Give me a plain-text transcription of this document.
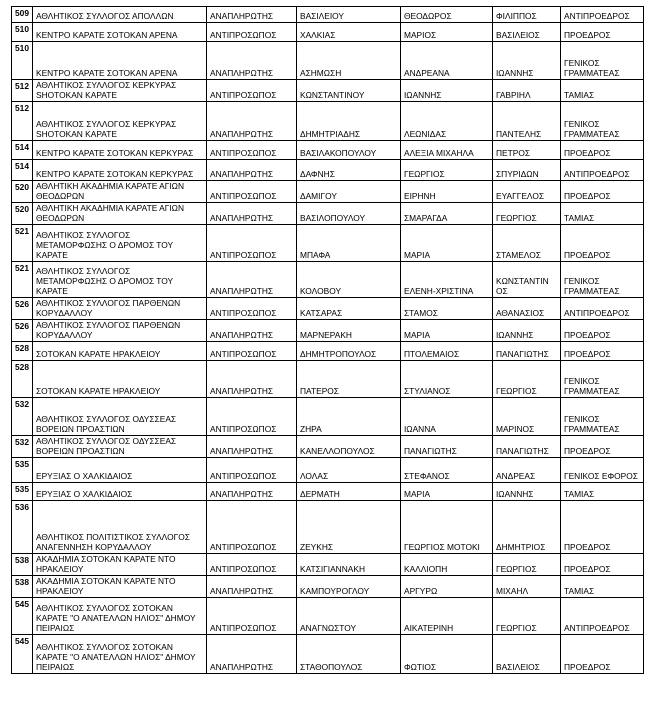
509	ΑΘΛΗΤΙΚΟΣ ΣΥΛΛΟΓΟΣ ΑΠΟΛΛΩΝ	ΑΝΑΠΛΗΡΩΤΗΣ	ΒΑΣΙΛΕΙΟΥ	ΘΕΟΔΩΡΟΣ	ΦΙΛΙΠΠΟΣ	ΑΝΤΙΠΡΟΕΔΡΟΣ
510	ΚΕΝΤΡΟ ΚΑΡΑΤΕ ΣΟΤΟΚΑΝ ΑΡΕΝΑ	ΑΝΤΙΠΡΟΣΩΠΟΣ	ΧΑΛΚΙΑΣ	ΜΑΡΙΟΣ	ΒΑΣΙΛΕΙΟΣ	ΠΡΟΕΔΡΟΣ
510	ΚΕΝΤΡΟ ΚΑΡΑΤΕ ΣΟΤΟΚΑΝ ΑΡΕΝΑ	ΑΝΑΠΛΗΡΩΤΗΣ	ΑΣΗΜΩΣΗ	ΑΝΔΡΕΑΝΑ	ΙΩΑΝΝΗΣ	ΓΕΝΙΚΟΣ ΓΡΑΜΜΑΤΕΑΣ
512	ΑΘΛΗΤΙΚΟΣ ΣΥΛΛΟΓΟΣ ΚΕΡΚΥΡΑΣ SHOTOKAN ΚΑΡΑΤΕ	ΑΝΤΙΠΡΟΣΩΠΟΣ	ΚΩΝΣΤΑΝΤΙΝΟΥ	ΙΩΑΝΝΗΣ	ΓΑΒΡΙΗΛ	ΤΑΜΙΑΣ
512	ΑΘΛΗΤΙΚΟΣ ΣΥΛΛΟΓΟΣ ΚΕΡΚΥΡΑΣ SHOTOKAN ΚΑΡΑΤΕ	ΑΝΑΠΛΗΡΩΤΗΣ	ΔΗΜΗΤΡΙΑΔΗΣ	ΛΕΩΝΙΔΑΣ	ΠΑΝΤΕΛΗΣ	ΓΕΝΙΚΟΣ ΓΡΑΜΜΑΤΕΑΣ
514	ΚΕΝΤΡΟ ΚΑΡΑΤΕ ΣΟΤΟΚΑΝ ΚΕΡΚΥΡΑΣ	ΑΝΤΙΠΡΟΣΩΠΟΣ	ΒΑΣΙΛΑΚΟΠΟΥΛΟΥ	ΑΛΕΞΙΑ ΜΙΧΑΗΛΑ	ΠΕΤΡΟΣ	ΠΡΟΕΔΡΟΣ
514	ΚΕΝΤΡΟ ΚΑΡΑΤΕ ΣΟΤΟΚΑΝ ΚΕΡΚΥΡΑΣ	ΑΝΑΠΛΗΡΩΤΗΣ	ΔΑΦΝΗΣ	ΓΕΩΡΓΙΟΣ	ΣΠΥΡΙΔΩΝ	ΑΝΤΙΠΡΟΕΔΡΟΣ
520	ΑΘΛΗΤΙΚΗ ΑΚΑΔΗΜΙΑ ΚΑΡΑΤΕ ΑΓΙΩΝ ΘΕΟΔΩΡΩΝ	ΑΝΤΙΠΡΟΣΩΠΟΣ	ΔΑΜΙΓΟΥ	ΕΙΡΗΝΗ	ΕΥΑΓΓΕΛΟΣ	ΠΡΟΕΔΡΟΣ
520	ΑΘΛΗΤΙΚΗ ΑΚΑΔΗΜΙΑ ΚΑΡΑΤΕ ΑΓΙΩΝ ΘΕΟΔΩΡΩΝ	ΑΝΑΠΛΗΡΩΤΗΣ	ΒΑΣΙΛΟΠΟΥΛΟΥ	ΣΜΑΡΑΓΔΑ	ΓΕΩΡΓΙΟΣ	ΤΑΜΙΑΣ
521	ΑΘΛΗΤΙΚΟΣ ΣΥΛΛΟΓΟΣ ΜΕΤΑΜΟΡΦΩΣΗΣ Ο ΔΡΟΜΟΣ ΤΟΥ ΚΑΡΑΤΕ	ΑΝΤΙΠΡΟΣΩΠΟΣ	ΜΠΑΦΑ	ΜΑΡΙΑ	ΣΤΑΜΕΛΟΣ	ΠΡΟΕΔΡΟΣ
521	ΑΘΛΗΤΙΚΟΣ ΣΥΛΛΟΓΟΣ ΜΕΤΑΜΟΡΦΩΣΗΣ Ο ΔΡΟΜΟΣ ΤΟΥ ΚΑΡΑΤΕ	ΑΝΑΠΛΗΡΩΤΗΣ	ΚΟΛΟΒΟΥ	ΕΛΕΝΗ-ΧΡΙΣΤΙΝΑ	ΚΩΝΣΤΑΝΤΙΝ ΟΣ	ΓΕΝΙΚΟΣ ΓΡΑΜΜΑΤΕΑΣ
526	ΑΘΛΗΤΙΚΟΣ ΣΥΛΛΟΓΟΣ ΠΑΡΘΕΝΩΝ ΚΟΡΥΔΑΛΛΟΥ	ΑΝΤΙΠΡΟΣΩΠΟΣ	ΚΑΤΣΑΡΑΣ	ΣΤΑΜΟΣ	ΑΘΑΝΑΣΙΟΣ	ΑΝΤΙΠΡΟΕΔΡΟΣ
526	ΑΘΛΗΤΙΚΟΣ ΣΥΛΛΟΓΟΣ ΠΑΡΘΕΝΩΝ ΚΟΡΥΔΑΛΛΟΥ	ΑΝΑΠΛΗΡΩΤΗΣ	ΜΑΡΝΕΡΑΚΗ	ΜΑΡΙΑ	ΙΩΑΝΝΗΣ	ΠΡΟΕΔΡΟΣ
528	ΣΟΤΟΚΑΝ ΚΑΡΑΤΕ ΗΡΑΚΛΕΙΟΥ	ΑΝΤΙΠΡΟΣΩΠΟΣ	ΔΗΜΗΤΡΟΠΟΥΛΟΣ	ΠΤΟΛΕΜΑΙΟΣ	ΠΑΝΑΓΙΩΤΗΣ	ΠΡΟΕΔΡΟΣ
528	ΣΟΤΟΚΑΝ ΚΑΡΑΤΕ ΗΡΑΚΛΕΙΟΥ	ΑΝΑΠΛΗΡΩΤΗΣ	ΠΑΤΕΡΟΣ	ΣΤΥΛΙΑΝΟΣ	ΓΕΩΡΓΙΟΣ	ΓΕΝΙΚΟΣ ΓΡΑΜΜΑΤΕΑΣ
532	ΑΘΛΗΤΙΚΟΣ ΣΥΛΛΟΓΟΣ ΟΔΥΣΣΕΑΣ ΒΟΡΕΙΩΝ ΠΡΟΑΣΤΙΩΝ	ΑΝΤΙΠΡΟΣΩΠΟΣ	ΖΗΡΑ	ΙΩΑΝΝΑ	ΜΑΡΙΝΟΣ	ΓΕΝΙΚΟΣ ΓΡΑΜΜΑΤΕΑΣ
532	ΑΘΛΗΤΙΚΟΣ ΣΥΛΛΟΓΟΣ ΟΔΥΣΣΕΑΣ ΒΟΡΕΙΩΝ ΠΡΟΑΣΤΙΩΝ	ΑΝΑΠΛΗΡΩΤΗΣ	ΚΑΝΕΛΛΟΠΟΥΛΟΣ	ΠΑΝΑΓΙΩΤΗΣ	ΠΑΝΑΓΙΩΤΗΣ	ΠΡΟΕΔΡΟΣ
535	ΕΡΥΞΙΑΣ Ο ΧΑΛΚΙΔΑΙΟΣ	ΑΝΤΙΠΡΟΣΩΠΟΣ	ΛΟΛΑΣ	ΣΤΕΦΑΝΟΣ	ΑΝΔΡΕΑΣ	ΓΕΝΙΚΟΣ ΕΦΟΡΟΣ
535	ΕΡΥΞΙΑΣ Ο ΧΑΛΚΙΔΑΙΟΣ	ΑΝΑΠΛΗΡΩΤΗΣ	ΔΕΡΜΑΤΗ	ΜΑΡΙΑ	ΙΩΑΝΝΗΣ	ΤΑΜΙΑΣ
536	ΑΘΛΗΤΙΚΟΣ ΠΟΛΙΤΙΣΤΙΚΟΣ ΣΥΛΛΟΓΟΣ ΑΝΑΓΕΝΝΗΣΗ ΚΟΡΥΔΑΛΛΟΥ	ΑΝΤΙΠΡΟΣΩΠΟΣ	ΖΕΥΚΗΣ	ΓΕΩΡΓΙΟΣ ΜΟΤΟΚΙ	ΔΗΜΗΤΡΙΟΣ	ΠΡΟΕΔΡΟΣ
538	ΑΚΑΔΗΜΙΑ ΣΟΤΟΚΑΝ ΚΑΡΑΤΕ ΝΤΟ ΗΡΑΚΛΕΙΟΥ	ΑΝΤΙΠΡΟΣΩΠΟΣ	ΚΑΤΣΙΓΙΑΝΝΑΚΗ	ΚΑΛΛΙΟΠΗ	ΓΕΩΡΓΙΟΣ	ΠΡΟΕΔΡΟΣ
538	ΑΚΑΔΗΜΙΑ ΣΟΤΟΚΑΝ ΚΑΡΑΤΕ ΝΤΟ ΗΡΑΚΛΕΙΟΥ	ΑΝΑΠΛΗΡΩΤΗΣ	ΚΑΜΠΟΥΡΟΓΛΟΥ	ΑΡΓΥΡΩ	ΜΙΧΑΗΛ	ΤΑΜΙΑΣ
545	ΑΘΛΗΤΙΚΟΣ ΣΥΛΛΟΓΟΣ ΣΟΤΟΚΑΝ ΚΑΡΑΤΕ "Ο ΑΝΑΤΕΛΛΩΝ ΗΛΙΟΣ" ΔΗΜΟΥ ΠΕΙΡΑΙΩΣ	ΑΝΤΙΠΡΟΣΩΠΟΣ	ΑΝΑΓΝΩΣΤΟΥ	ΑΙΚΑΤΕΡΙΝΗ	ΓΕΩΡΓΙΟΣ	ΑΝΤΙΠΡΟΕΔΡΟΣ
545	ΑΘΛΗΤΙΚΟΣ ΣΥΛΛΟΓΟΣ ΣΟΤΟΚΑΝ ΚΑΡΑΤΕ "Ο ΑΝΑΤΕΛΛΩΝ ΗΛΙΟΣ" ΔΗΜΟΥ ΠΕΙΡΑΙΩΣ	ΑΝΑΠΛΗΡΩΤΗΣ	ΣΤΑΘΟΠΟΥΛΟΣ	ΦΩΤΙΟΣ	ΒΑΣΙΛΕΙΟΣ	ΠΡΟΕΔΡΟΣ
